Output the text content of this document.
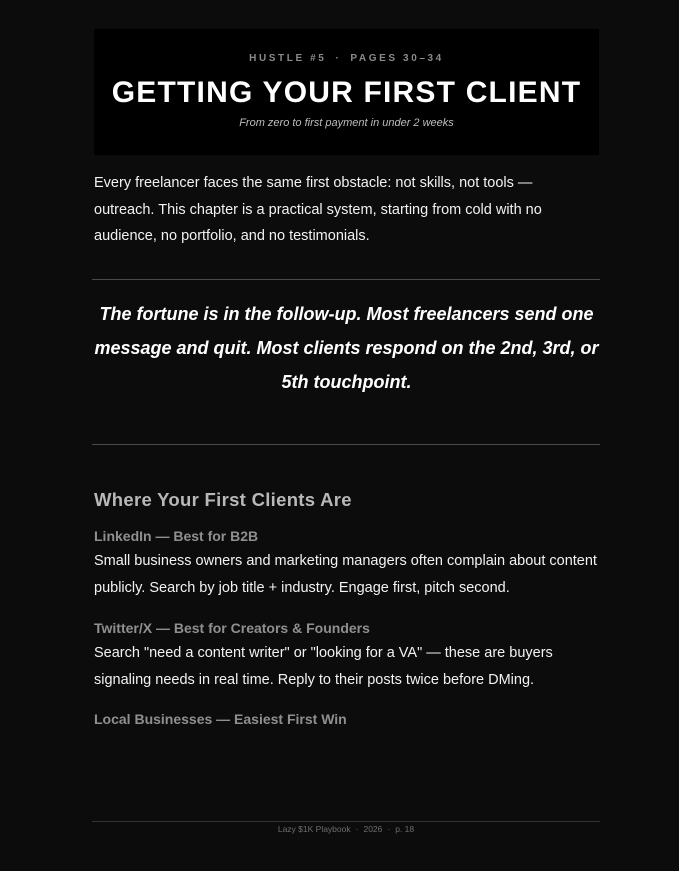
HUSTLE #5 · PAGES 30–34
GETTING YOUR FIRST CLIENT
From zero to first payment in under 2 weeks

Every freelancer faces the same first obstacle: not skills, not tools — outreach. This chapter is a practical system, starting from cold with no audience, no portfolio, and no testimonials.

The fortune is in the follow-up. Most freelancers send one message and quit. Most clients respond on the 2nd, 3rd, or 5th touchpoint.

Where Your First Clients Are
LinkedIn — Best for B2B

Small business owners and marketing managers often complain about content publicly. Search by job title + industry. Engage first, pitch second.

Twitter/X — Best for Creators & Founders

Search "need a content writer" or "looking for a VA" — these are buyers signaling needs in real time. Reply to their posts twice before DMing.

Local Businesses — Easiest First Win
Lazy $1K Playbook · 2026 · p. 18
